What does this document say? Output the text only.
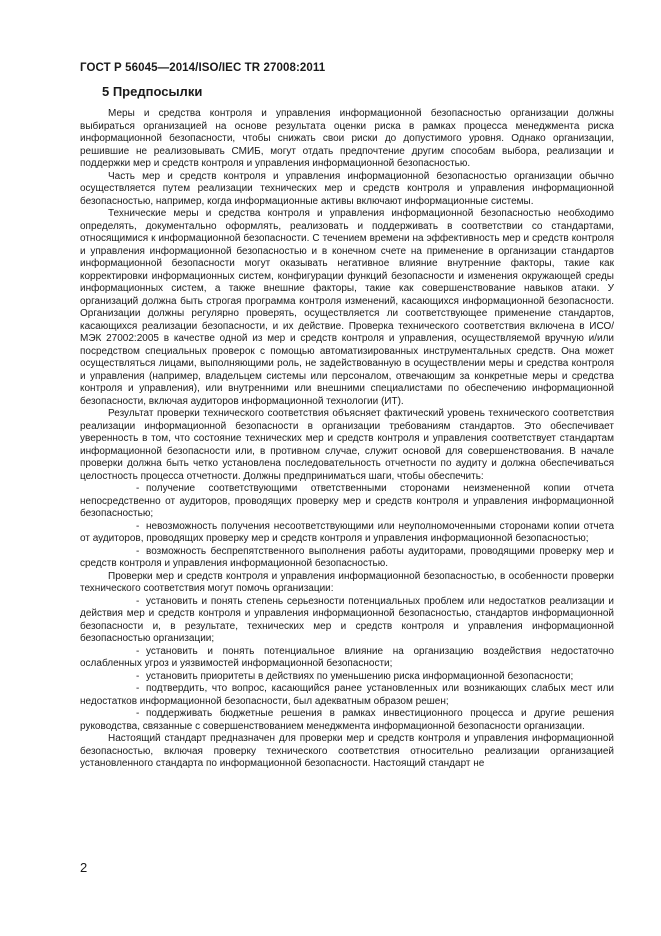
ГОСТ Р 56045—2014/ISO/IEC TR 27008:2011
5 Предпосылки

Меры и средства контроля и управления информационной безопасностью организации должны выбираться организацией на основе результата оценки риска в рамках процесса менеджмента риска информационной безопасности, чтобы снижать свои риски до допустимого уровня. Однако организации, решившие не реализовывать СМИБ, могут отдать предпочтение другим способам выбора, реализации и поддержки мер и средств контроля и управления информационной безопасностью.

Часть мер и средств контроля и управления информационной безопасностью организации обычно осуществляется путем реализации технических мер и средств контроля и управления информационной безопасностью, например, когда информационные активы включают информационные системы.

Технические меры и средства контроля и управления информационной безопасностью необходимо определять, документально оформлять, реализовать и поддерживать в соответствии со стандартами, относящимися к информационной безопасности. С течением времени на эффективность мер и средств контроля и управления информационной безопасностью и в конечном счете на применение в организации стандартов информационной безопасности могут оказывать негативное влияние внутренние факторы, такие как корректировки информационных систем, конфигурации функций безопасности и изменения окружающей среды информационных систем, а также внешние факторы, такие как совершенствование навыков атаки. У организаций должна быть строгая программа контроля изменений, касающихся информационной безопасности. Организации должны регулярно проверять, осуществляется ли соответствующее применение стандартов, касающихся реализации безопасности, и их действие. Проверка технического соответствия включена в ИСО/МЭК 27002:2005 в качестве одной из мер и средств контроля и управления, осуществляемой вручную и/или посредством специальных проверок с помощью автоматизированных инструментальных средств. Она может осуществляться лицами, выполняющими роль, не задействованную в осуществлении меры и средства контроля и управления (например, владельцем системы или персоналом, отвечающим за конкретные меры и средства контроля и управления), или внутренними или внешними специалистами по обеспечению информационной безопасности, включая аудиторов информационной технологии (ИТ).

Результат проверки технического соответствия объясняет фактический уровень технического соответствия реализации информационной безопасности в организации требованиям стандартов. Это обеспечивает уверенность в том, что состояние технических мер и средств контроля и управления соответствует стандартам информационной безопасности или, в противном случае, служит основой для совершенствования. В начале проверки должна быть четко установлена последовательность отчетности по аудиту и должна обеспечиваться целостность процесса отчетности. Должны предприниматься шаги, чтобы обеспечить:

- получение соответствующими ответственными сторонами неизмененной копии отчета непосредственно от аудиторов, проводящих проверку мер и средств контроля и управления информационной безопасностью;

- невозможность получения несоответствующими или неуполномоченными сторонами копии отчета от аудиторов, проводящих проверку мер и средств контроля и управления информационной безопасностью;

- возможность беспрепятственного выполнения работы аудиторами, проводящими проверку мер и средств контроля и управления информационной безопасностью.

Проверки мер и средств контроля и управления информационной безопасностью, в особенности проверки технического соответствия могут помочь организации:

- установить и понять степень серьезности потенциальных проблем или недостатков реализации и действия мер и средств контроля и управления информационной безопасностью, стандартов информационной безопасности и, в результате, технических мер и средств контроля и управления информационной безопасностью организации;

- установить и понять потенциальное влияние на организацию воздействия недостаточно ослабленных угроз и уязвимостей информационной безопасности;

- установить приоритеты в действиях по уменьшению риска информационной безопасности;

- подтвердить, что вопрос, касающийся ранее установленных или возникающих слабых мест или недостатков информационной безопасности, был адекватным образом решен;

- поддерживать бюджетные решения в рамках инвестиционного процесса и другие решения руководства, связанные с совершенствованием менеджмента информационной безопасности организации.

Настоящий стандарт предназначен для проверки мер и средств контроля и управления информационной безопасностью, включая проверку технического соответствия относительно реализации организацией установленного стандарта по информационной безопасности. Настоящий стандарт не

2
